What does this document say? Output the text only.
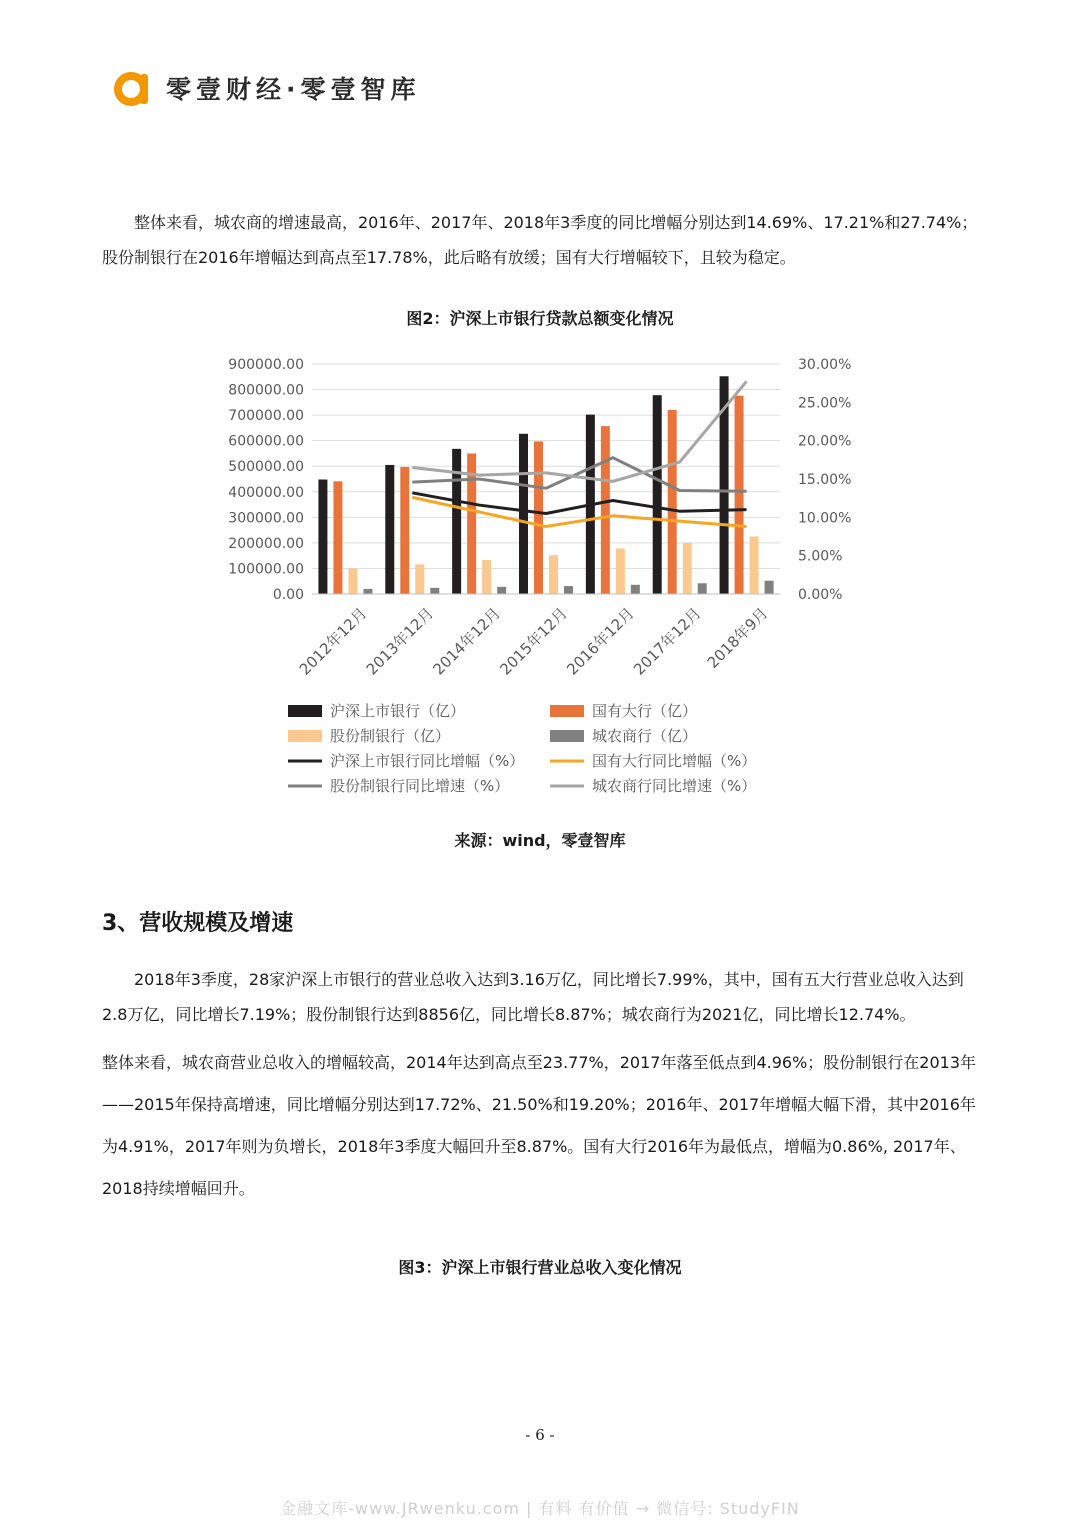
零壹财经·零壹智库

整体来看，城农商的增速最高，2016年、2017年、2018年3季度的同比增幅分别达到14.69%、17.21%和27.74%；股份制银行在2016年增幅达到高点至17.78%，此后略有放缓；国有大行增幅较下，且较为稳定。

图2：沪深上市银行贷款总额变化情况
900000.00
800000.00
700000.00
600000.00
500000.00
400000.00
300000.00
200000.00
100000.00
0.00
30.00%
25.00%
20.00%
15.00%
10.00%
5.00%
0.00%
2012年12月
2013年12月
2014年12月
2015年12月
2016年12月
2017年12月 2018年9月
沪深上市银行（亿）	国有大行（亿）
股份制银行（亿）	城农商行（亿）
沪深上市银行同比增幅（%）	国有大行同比增幅（%）
股份制银行同比增速（%）	城农商行同比增速（%）
来源：wind，零壹智库
3、营收规模及增速

2018年3季度，28家沪深上市银行的营业总收入达到3.16万亿，同比增长7.99%，其中，国有五大行营业总收入达到2.8万亿，同比增长7.19%；股份制银行达到8856亿，同比增长8.87%；城农商行为2021亿，同比增长12.74%。

整体来看，城农商营业总收入的增幅较高，2014年达到高点至23.77%，2017年落至低点到4.96%；股份制银行在2013年——2015年保持高增速，同比增幅分别达到17.72%、21.50%和19.20%；2016年、2017年增幅大幅下滑，其中2016年为4.91%，2017年则为负增长，2018年3季度大幅回升至8.87%。国有大行2016年为最低点，增幅为0.86%, 2017年、2018持续增幅回升。

图3：沪深上市银行营业总收入变化情况
- 6 -
金融文库-www.JRwenku.com | 有料 有价值 → 微信号: StudyFIN
